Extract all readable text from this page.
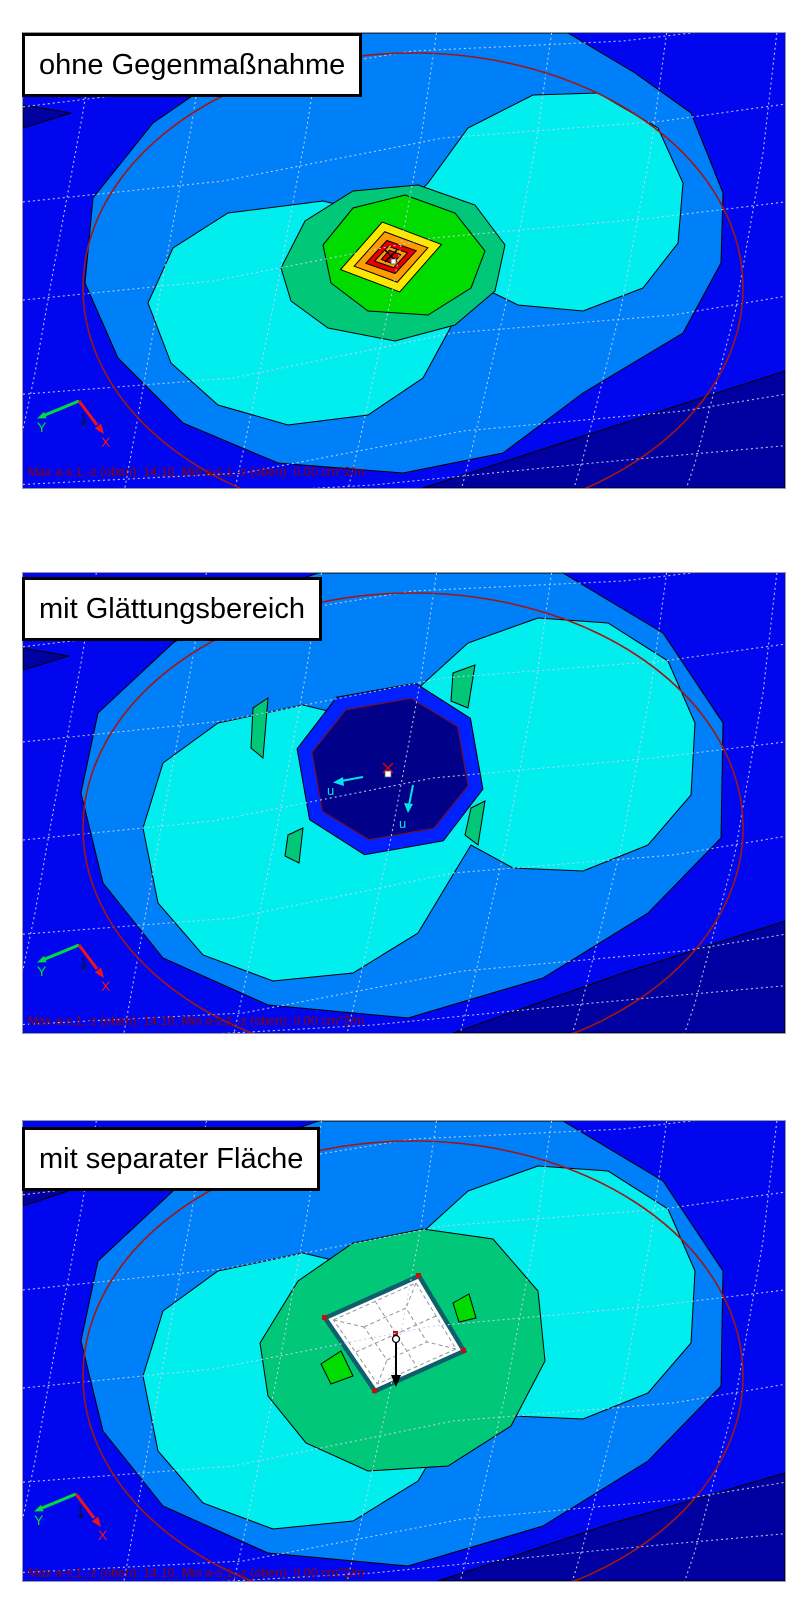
Max a-s,1,-z (oben): 14.10, Min a-s,1,-z (oben): 0.00 cm^2/m
u
u
Max a-s,1,-z (oben): 14.10, Min a-s,1,-z (oben): 0.00 cm^2/m
Max a-s,1,-z (oben): 14.10, Min a-s,1,-z (oben): 0.00 cm^2/m
ohne Gegenmaßnahme
mit Glättungsbereich
mit separater Fläche
